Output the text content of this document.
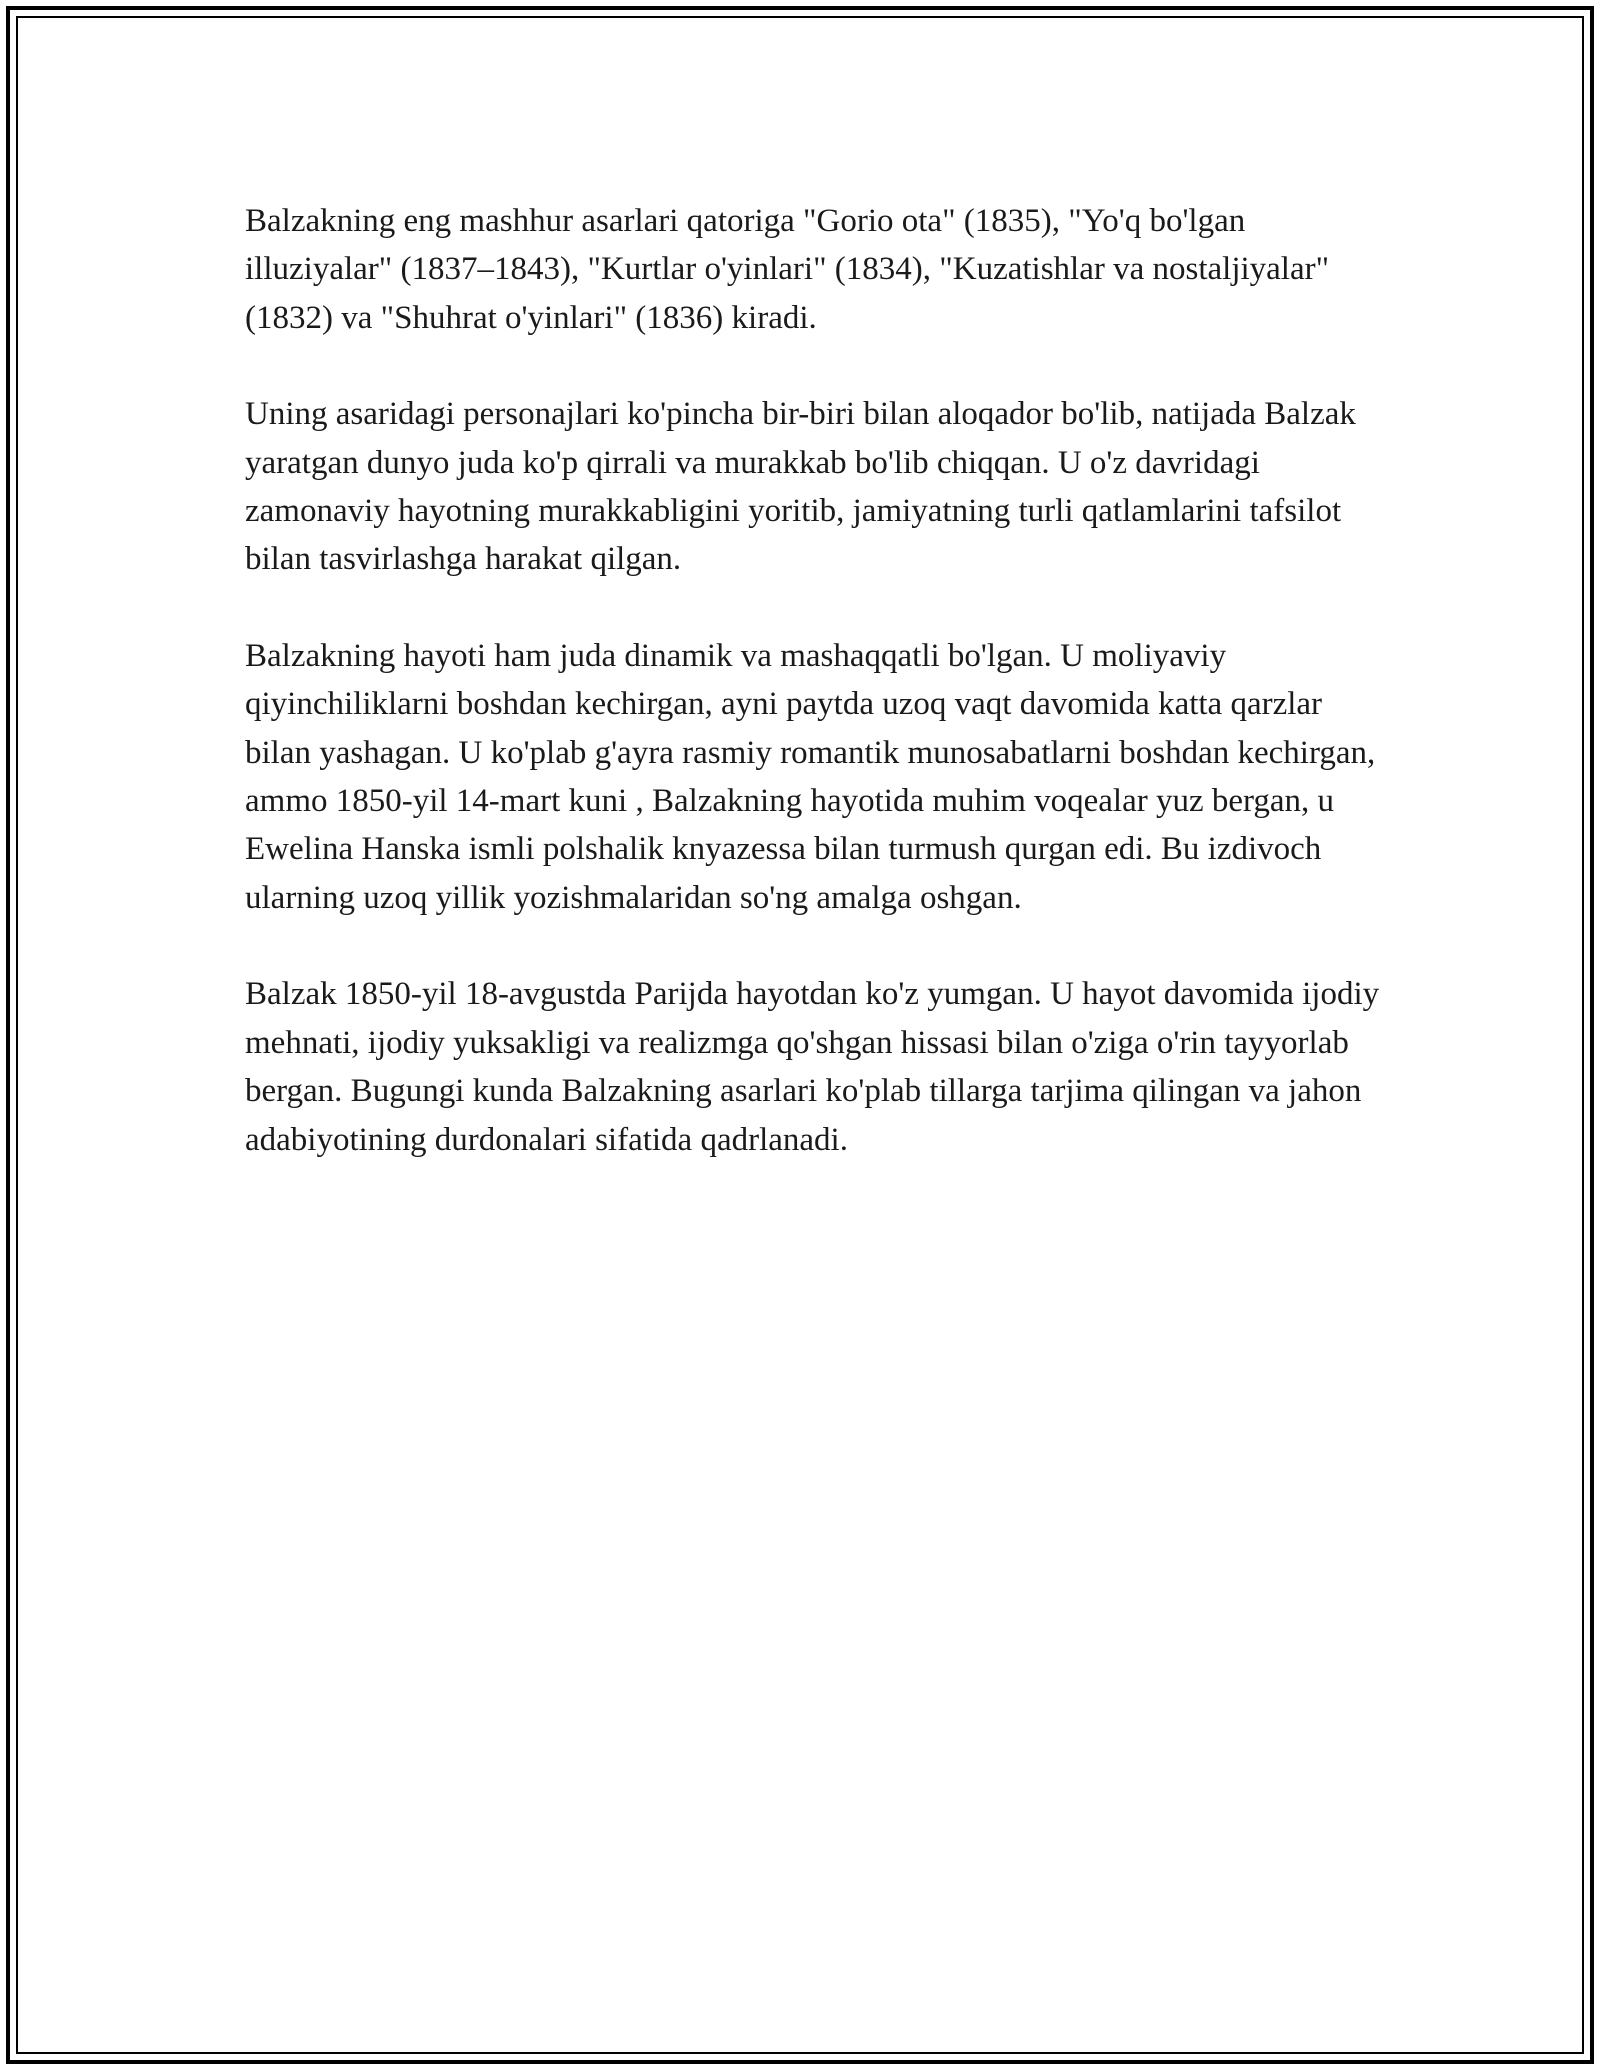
Balzakning eng mashhur asarlari qatoriga "Gorio ota" (1835), "Yo'q bo'lgan illuziyalar" (1837–1843), "Kurtlar o'yinlari" (1834), "Kuzatishlar va nostaljiyalar" (1832) va "Shuhrat o'yinlari" (1836) kiradi.

Uning asaridagi personajlari ko'pincha bir-biri bilan aloqador bo'lib, natijada Balzak yaratgan dunyo juda ko'p qirrali va murakkab bo'lib chiqqan. U o'z davridagi zamonaviy hayotning murakkabligini yoritib, jamiyatning turli qatlamlarini tafsilot bilan tasvirlashga harakat qilgan.

Balzakning hayoti ham juda dinamik va mashaqqatli bo'lgan. U moliyaviy qiyinchiliklarni boshdan kechirgan, ayni paytda uzoq vaqt davomida katta qarzlar bilan yashagan. U ko'plab g'ayra rasmiy romantik munosabatlarni boshdan kechirgan, ammo 1850-yil 14-mart kuni , Balzakning hayotida muhim voqealar yuz bergan, u Ewelina Hanska ismli polshalik knyazessa bilan turmush qurgan edi. Bu izdivoch ularning uzoq yillik yozishmalaridan so'ng amalga oshgan.

Balzak 1850-yil 18-avgustda Parijda hayotdan ko'z yumgan. U hayot davomida ijodiy mehnati, ijodiy yuksakligi va realizmga qo'shgan hissasi bilan o'ziga o'rin tayyorlab bergan. Bugungi kunda Balzakning asarlari ko'plab tillarga tarjima qilingan va jahon adabiyotining durdonalari sifatida qadrlanadi.
